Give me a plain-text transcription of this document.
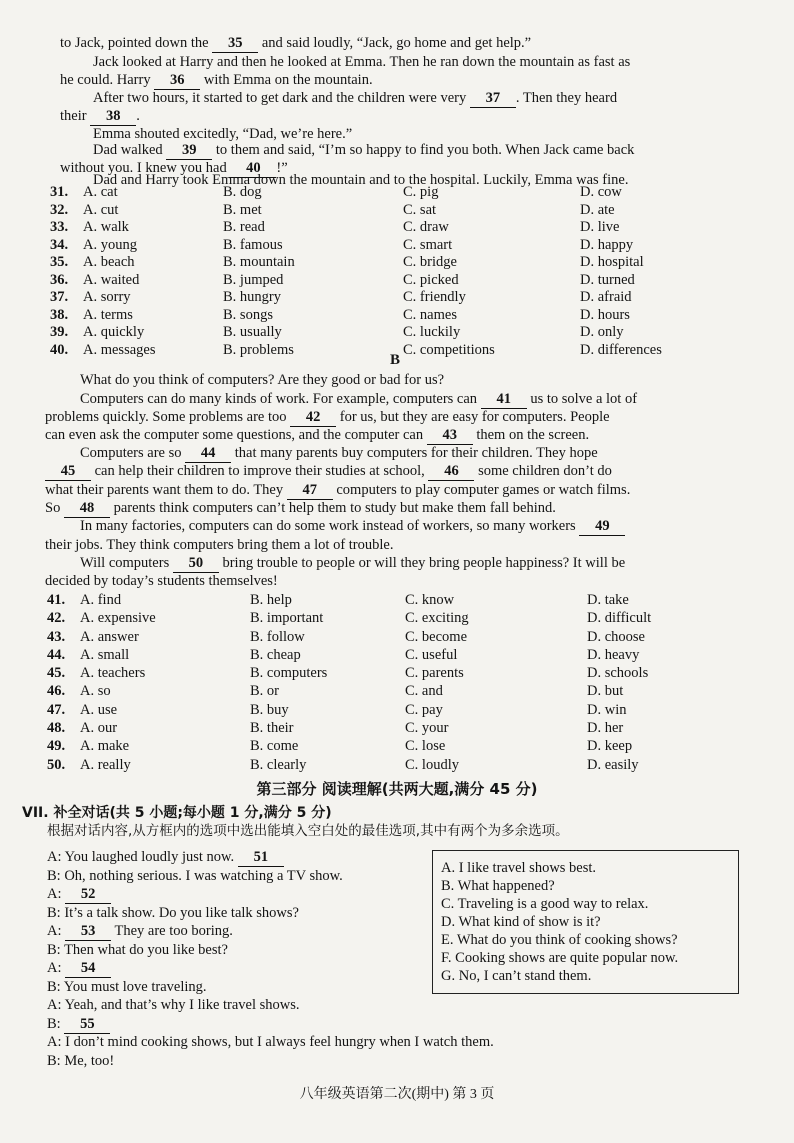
to Jack, pointed down the 35 and said loudly, “Jack, go home and get help.”
Jack looked at Harry and then he looked at Emma. Then he ran down the mountain as fast as
he could. Harry 36 with Emma on the mountain.
After two hours, it started to get dark and the children were very 37 . Then they heard
their 38 .
Emma shouted excitedly, “Dad, we’re here.”
Dad walked 39 to them and said, “I’m so happy to find you both. When Jack came back
without you. I knew you had 40 !”
Dad and Harry took Emma down the mountain and to the hospital. Luckily, Emma was fine.
31. A. cat	B. dog	C. pig	D. cow
32. A. cut	B. met	C. sat	D. ate
33. A. walk	B. read	C. draw	D. live
34. A. young	B. famous	C. smart	D. happy
35. A. beach	B. mountain	C. bridge	D. hospital
36. A. waited	B. jumped	C. picked	D. turned
37. A. sorry	B. hungry	C. friendly	D. afraid
38. A. terms	B. songs	C. names	D. hours
39. A. quickly	B. usually	C. luckily	D. only
40. A. messages	B. problems	C. competitions	D. differences
B
What do you think of computers? Are they good or bad for us?
Computers can do many kinds of work. For example, computers can 41 us to solve a lot of
problems quickly. Some problems are too 42 for us, but they are easy for computers. People
can even ask the computer some questions, and the computer can 43 them on the screen.
Computers are so 44 that many parents buy computers for their children. They hope
45 can help their children to improve their studies at school, 46 some children don’t do
what their parents want them to do. They 47 computers to play computer games or watch films.
So 48 parents think computers can’t help them to study but make them fall behind.
In many factories, computers can do some work instead of workers, so many workers 49
their jobs. They think computers bring them a lot of trouble.
Will computers 50 bring trouble to people or will they bring people happiness? It will be
decided by today’s students themselves!
41. A. find	B. help	C. know	D. take
42. A. expensive	B. important	C. exciting	D. difficult
43. A. answer	B. follow	C. become	D. choose
44. A. small	B. cheap	C. useful	D. heavy
45. A. teachers	B. computers	C. parents	D. schools
46. A. so	B. or	C. and	D. but
47. A. use	B. buy	C. pay	D. win
48. A. our	B. their	C. your	D. her
49. A. make	B. come	C. lose	D. keep
50. A. really	B. clearly	C. loudly	D. easily
第三部分 阅读理解(共两大题,满分 45 分)
VII. 补全对话(共 5 小题;每小题 1 分,满分 5 分)
根据对话内容,从方框内的选项中选出能填入空白处的最佳选项,其中有两个为多余选项。
A: You laughed loudly just now. 51
B: Oh, nothing serious. I was watching a TV show.
A: 52
B: It’s a talk show. Do you like talk shows?
A: 53 They are too boring.
B: Then what do you like best?
A: 54
B: You must love traveling.
A: Yeah, and that’s why I like travel shows.
B: 55
A: I don’t mind cooking shows, but I always feel hungry when I watch them.
B: Me, too!
A. I like travel shows best.
B. What happened?
C. Traveling is a good way to relax.
D. What kind of show is it?
E. What do you think of cooking shows?
F. Cooking shows are quite popular now.
G. No, I can’t stand them.
八年级英语第二次(期中) 第 3 页
